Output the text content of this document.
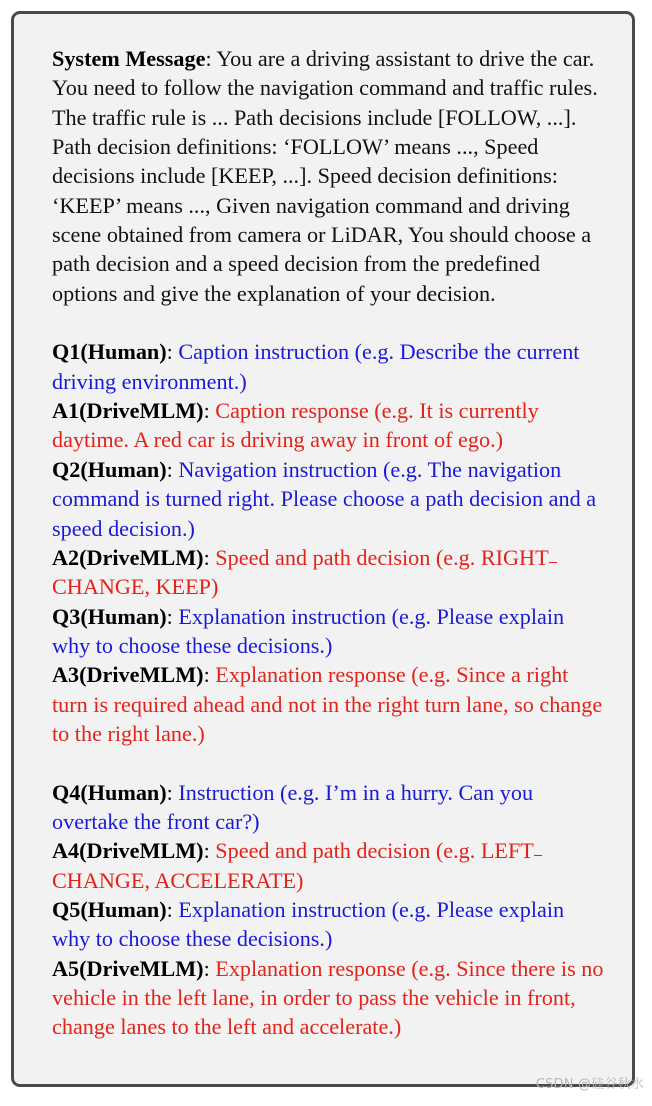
System Message: You are a driving assistant to drive the car. You need to follow the navigation command and traffic rules. The traffic rule is ... Path decisions include [FOLLOW, ...]. Path decision definitions: ‘FOLLOW’ means ..., Speed decisions include [KEEP, ...]. Speed decision definitions: ‘KEEP’ means ..., Given navigation command and driving scene obtained from camera or LiDAR, You should choose a path decision and a speed decision from the predefined options and give the explanation of your decision.

Q1(Human): Caption instruction (e.g. Describe the current driving environment.)

A1(DriveMLM): Caption response (e.g. It is currently daytime. A red car is driving away in front of ego.)

Q2(Human): Navigation instruction (e.g. The navigation command is turned right. Please choose a path decision and a speed decision.)

A2(DriveMLM): Speed and path decision (e.g. RIGHTCHANGE, KEEP)

Q3(Human): Explanation instruction (e.g. Please explain why to choose these decisions.)

A3(DriveMLM): Explanation response (e.g. Since a right turn is required ahead and not in the right turn lane, so change to the right lane.)

Q4(Human): Instruction (e.g. I’m in a hurry. Can you overtake the front car?)

A4(DriveMLM): Speed and path decision (e.g. LEFTCHANGE, ACCELERATE)

Q5(Human): Explanation instruction (e.g. Please explain why to choose these decisions.)

A5(DriveMLM): Explanation response (e.g. Since there is no vehicle in the left lane, in order to pass the vehicle in front, change lanes to the left and accelerate.)

CSDN @硅谷秋水
